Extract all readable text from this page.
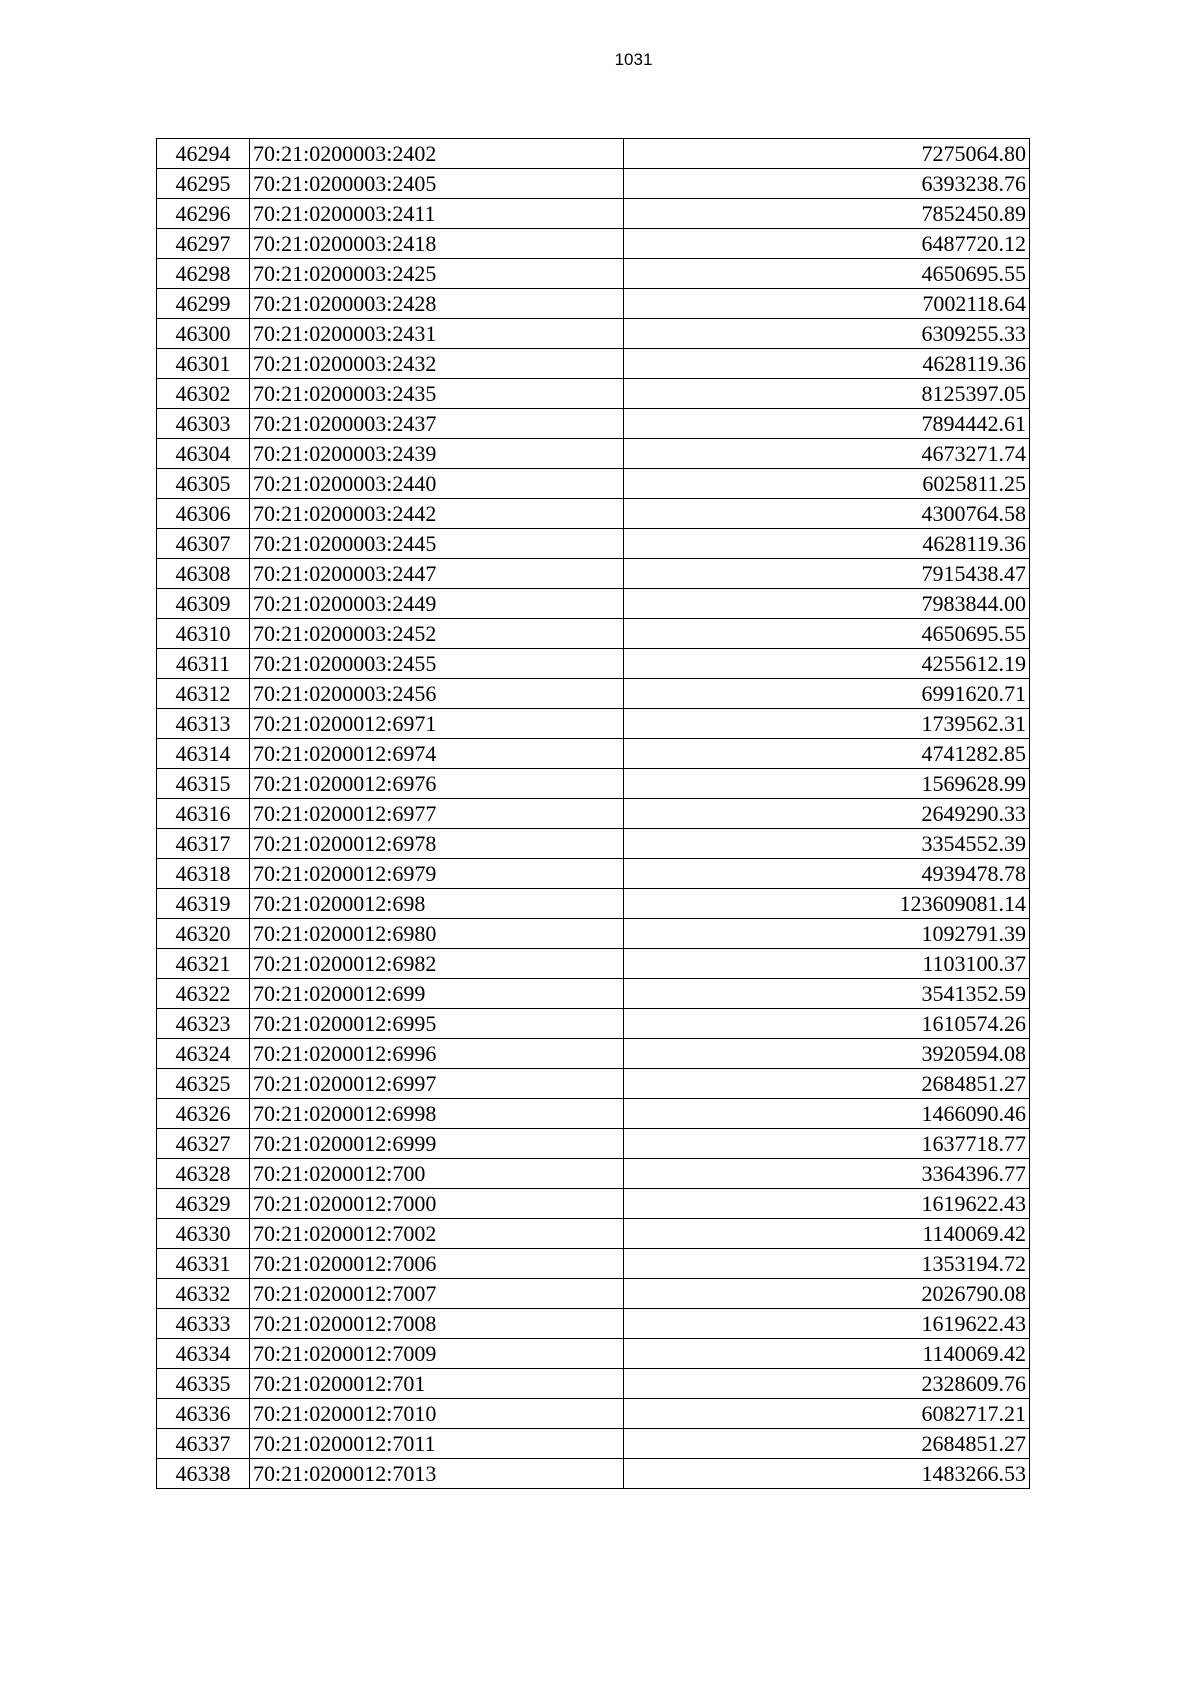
1031
46294	70:21:0200003:2402	7275064.80
46295	70:21:0200003:2405	6393238.76
46296	70:21:0200003:2411	7852450.89
46297	70:21:0200003:2418	6487720.12
46298	70:21:0200003:2425	4650695.55
46299	70:21:0200003:2428	7002118.64
46300	70:21:0200003:2431	6309255.33
46301	70:21:0200003:2432	4628119.36
46302	70:21:0200003:2435	8125397.05
46303	70:21:0200003:2437	7894442.61
46304	70:21:0200003:2439	4673271.74
46305	70:21:0200003:2440	6025811.25
46306	70:21:0200003:2442	4300764.58
46307	70:21:0200003:2445	4628119.36
46308	70:21:0200003:2447	7915438.47
46309	70:21:0200003:2449	7983844.00
46310	70:21:0200003:2452	4650695.55
46311	70:21:0200003:2455	4255612.19
46312	70:21:0200003:2456	6991620.71
46313	70:21:0200012:6971	1739562.31
46314	70:21:0200012:6974	4741282.85
46315	70:21:0200012:6976	1569628.99
46316	70:21:0200012:6977	2649290.33
46317	70:21:0200012:6978	3354552.39
46318	70:21:0200012:6979	4939478.78
46319	70:21:0200012:698	123609081.14
46320	70:21:0200012:6980	1092791.39
46321	70:21:0200012:6982	1103100.37
46322	70:21:0200012:699	3541352.59
46323	70:21:0200012:6995	1610574.26
46324	70:21:0200012:6996	3920594.08
46325	70:21:0200012:6997	2684851.27
46326	70:21:0200012:6998	1466090.46
46327	70:21:0200012:6999	1637718.77
46328	70:21:0200012:700	3364396.77
46329	70:21:0200012:7000	1619622.43
46330	70:21:0200012:7002	1140069.42
46331	70:21:0200012:7006	1353194.72
46332	70:21:0200012:7007	2026790.08
46333	70:21:0200012:7008	1619622.43
46334	70:21:0200012:7009	1140069.42
46335	70:21:0200012:701	2328609.76
46336	70:21:0200012:7010	6082717.21
46337	70:21:0200012:7011	2684851.27
46338	70:21:0200012:7013	1483266.53
